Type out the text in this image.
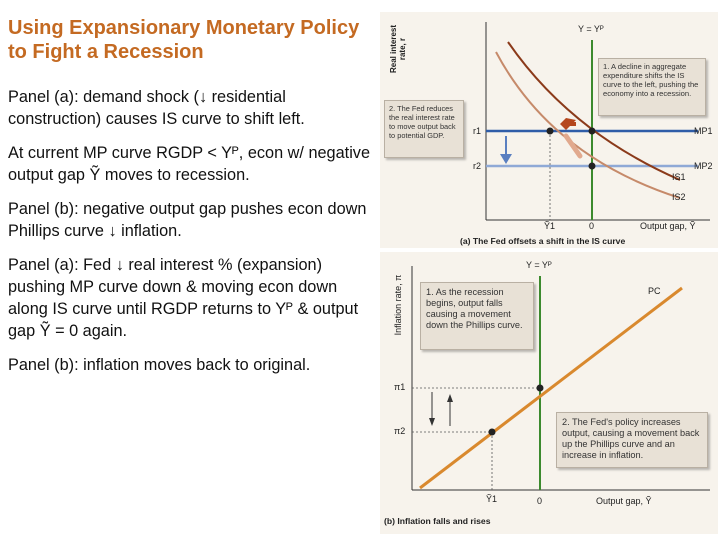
Using Expansionary Monetary Policy to Fight a Recession

Panel (a): demand shock (↓ residential construction) causes IS curve to shift left.

At current MP curve RGDP < Yᴾ, econ w/ negative output gap Ỹ moves to recession.

Panel (b): negative output gap pushes econ down Phillips curve ↓ inflation.

Panel (a): Fed ↓ real interest % (expansion) pushing MP curve down & moving econ down along IS curve until RGDP returns to Yᴾ & output gap Ỹ = 0 again.

Panel (b): inflation moves back to original.

Real interest rate, r
Y = Yᴾ
r1
r2
MP1
MP2
IS1
IS2
Ỹ1	0	Output gap, Ỹ
(a) The Fed offsets a shift in the IS curve
1. A decline in aggregate expenditure shifts the IS curve to the left, pushing the economy into a recession.
2. The Fed reduces the real interest rate to move output back to potential GDP.
Inflation rate, π
Y = Yᴾ
PC
π1
π2
Ỹ1	0	Output gap, Ỹ
(b) Inflation falls and rises
1. As the recession begins, output falls causing a movement down the Phillips curve.
2. The Fed's policy increases output, causing a movement back up the Phillips curve and an increase in inflation.
